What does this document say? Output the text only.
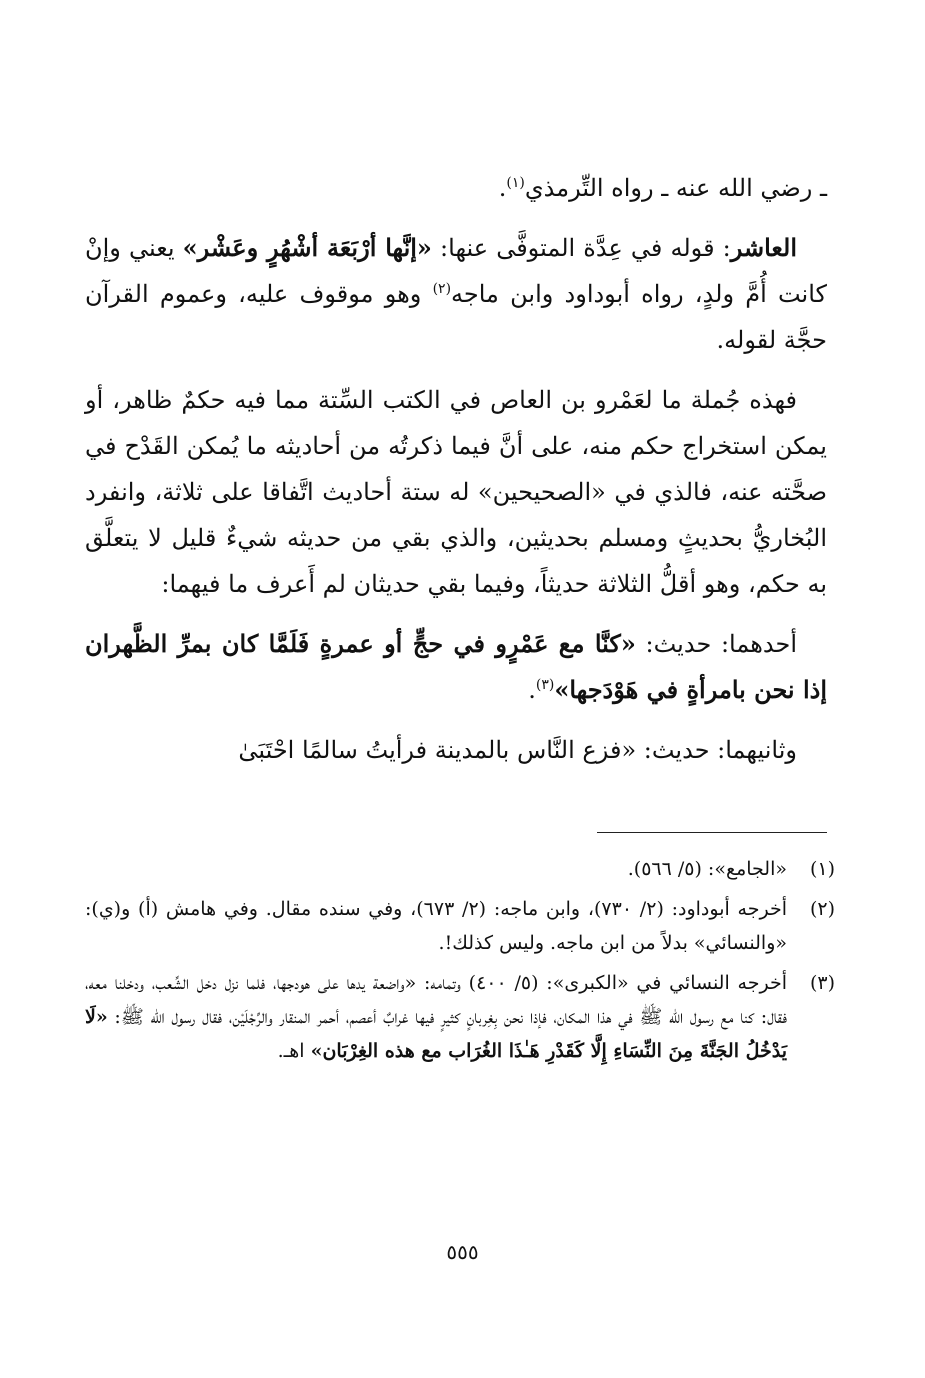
ـ رضي الله عنه ـ رواه التِّرمذي$^{(١)}$.

العاشر: قوله في عِدَّة المتوفَّى عنها: «إنَّها أرْبَعَة أشْهُرٍ وعَشْر» يعني وإنْ كانت أُمَّ ولدٍ، رواه أبوداود وابن ماجه$^{(٢)}$ وهو موقوف عليه، وعموم القرآن حجَّة لقوله.

فهذه جُملة ما لعَمْرو بن العاص في الكتب السِّتة مما فيه حكمٌ ظاهر، أو يمكن استخراج حكم منه، على أنَّ فيما ذكرتُه من أحاديثه ما يُمكن القَدْح في صحَّته عنه، فالذي في «الصحيحين» له ستة أحاديث اتَّفاقا على ثلاثة، وانفرد البُخاريُّ بحديثٍ ومسلم بحديثين، والذي بقي من حديثه شيءٌ قليل لا يتعلَّق به حكم، وهو أقلُّ الثلاثة حديثاً، وفيما بقي حديثان لم أَعرف ما فيهما:

أحدهما: حديث: «كنَّا مع عَمْرٍو في حجٍّ أو عمرةٍ فَلَمَّا كان بمرِّ الظَّهران إذا نحن بامرأةٍ في هَوْدَجها»$^{(٣)}$.

وثانيهما: حديث: «فزع النَّاس بالمدينة فرأيتُ سالمًا احْتَبَىٰ

(١)
«الجامع»: (٥/ ٥٦٦).
(٢)
أخرجه أبوداود: (٢/ ٧٣٠)، وابن ماجه: (٢/ ٦٧٣)، وفي سنده مقال. وفي هامش (أ) و(ي): «والنسائي» بدلاً من ابن ماجه. وليس كذلك!.
(٣)
أخرجه النسائي في «الكبرى»: (٥/ ٤٠٠) وتمامه: «واضعة يدها على هودجها، فلما نزل دخل الشِّعب، ودخلنا معه، فقال: كنا مع رسول الله ﷺ في هذا المكان، فإذا نحن بِغِربانٍ كثيرٍ فيها غرابٌ أعصم، أحمر المنقار والرِّجْلَيْن، فقال رسول الله ﷺ: «لَا يَدْخُلُ الجَنَّةَ مِنَ النِّسَاءِ إِلَّا كَقَدْرِ هَـٰذَا الغُرَاب مع هذه الغِرْبَان» اهـ.
٥٥٥
